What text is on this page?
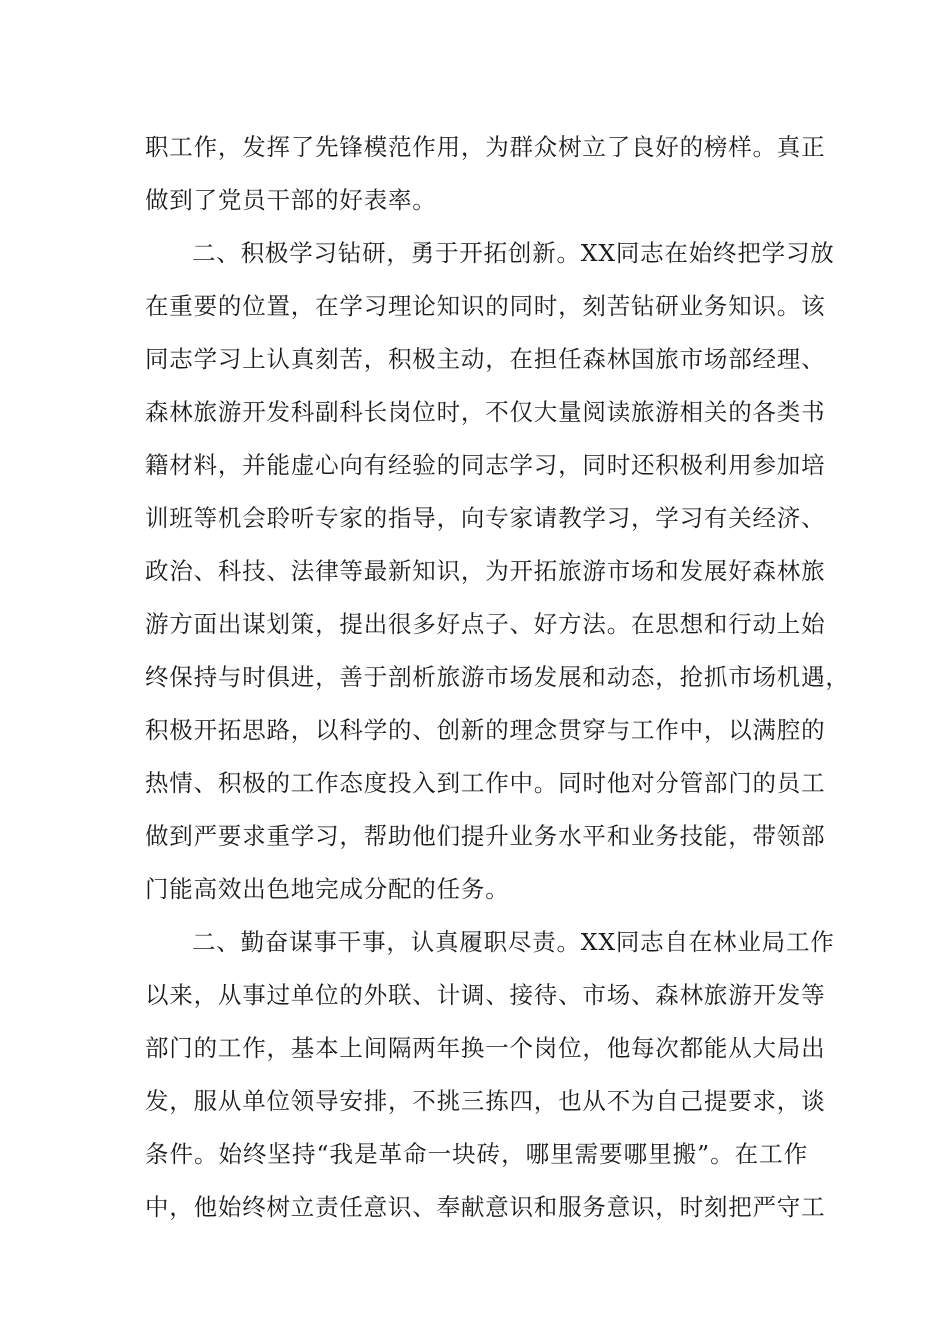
职工作，发挥了先锋模范作用，为群众树立了良好的榜样。真正
做到了党员干部的好表率。
二、积极学习钻研，勇于开拓创新。XX同志在始终把学习放
在重要的位置，在学习理论知识的同时，刻苦钻研业务知识。该
同志学习上认真刻苦，积极主动，在担任森林国旅市场部经理、
森林旅游开发科副科长岗位时，不仅大量阅读旅游相关的各类书
籍材料，并能虚心向有经验的同志学习，同时还积极利用参加培
训班等机会聆听专家的指导，向专家请教学习，学习有关经济、
政治、科技、法律等最新知识，为开拓旅游市场和发展好森林旅
游方面出谋划策，提出很多好点子、好方法。在思想和行动上始
终保持与时俱进，善于剖析旅游市场发展和动态，抢抓市场机遇，
积极开拓思路，以科学的、创新的理念贯穿与工作中，以满腔的
热情、积极的工作态度投入到工作中。同时他对分管部门的员工
做到严要求重学习，帮助他们提升业务水平和业务技能，带领部
门能高效出色地完成分配的任务。
二、勤奋谋事干事，认真履职尽责。XX同志自在林业局工作
以来，从事过单位的外联、计调、接待、市场、森林旅游开发等
部门的工作，基本上间隔两年换一个岗位，他每次都能从大局出
发，服从单位领导安排，不挑三拣四，也从不为自己提要求，谈
条件。始终坚持“我是革命一块砖，哪里需要哪里搬”。在工作
中，他始终树立责任意识、奉献意识和服务意识，时刻把严守工
